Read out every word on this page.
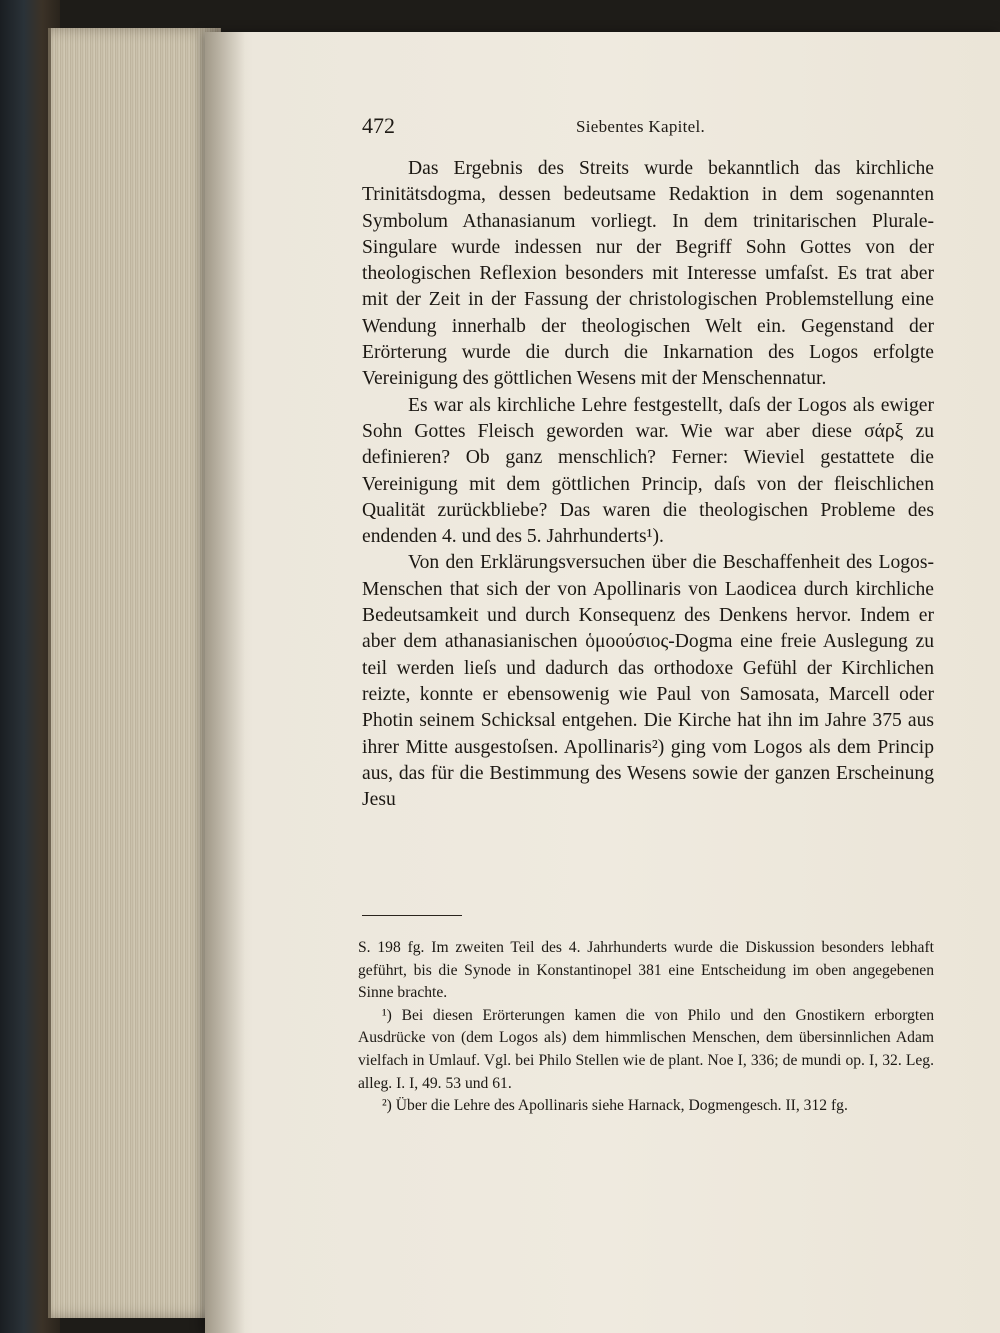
472	Siebentes Kapitel.

Das Ergebnis des Streits wurde bekanntlich das kirchliche Trinitätsdogma, dessen bedeutsame Redaktion in dem sogenannten Symbolum Athanasianum vorliegt. In dem trinitarischen Plurale-Singulare wurde indessen nur der Begriff Sohn Gottes von der theologischen Reflexion besonders mit Interesse umfaſst. Es trat aber mit der Zeit in der Fassung der christologischen Problemstellung eine Wendung innerhalb der theologischen Welt ein. Gegenstand der Erörterung wurde die durch die Inkarnation des Logos erfolgte Vereinigung des göttlichen Wesens mit der Menschennatur.

Es war als kirchliche Lehre festgestellt, daſs der Logos als ewiger Sohn Gottes Fleisch geworden war. Wie war aber diese σάρξ zu definieren? Ob ganz menschlich? Ferner: Wieviel gestattete die Vereinigung mit dem göttlichen Princip, daſs von der fleischlichen Qualität zurückbliebe? Das waren die theologischen Probleme des endenden 4. und des 5. Jahrhunderts¹).

Von den Erklärungsversuchen über die Beschaffenheit des Logos-Menschen that sich der von Apollinaris von Laodicea durch kirchliche Bedeutsamkeit und durch Konsequenz des Denkens hervor. Indem er aber dem athanasianischen ὁμοούσιος-Dogma eine freie Auslegung zu teil werden lieſs und dadurch das orthodoxe Gefühl der Kirchlichen reizte, konnte er ebensowenig wie Paul von Samosata, Marcell oder Photin seinem Schicksal entgehen. Die Kirche hat ihn im Jahre 375 aus ihrer Mitte ausgestoſsen. Apollinaris²) ging vom Logos als dem Princip aus, das für die Bestimmung des Wesens sowie der ganzen Erscheinung Jesu

S. 198 fg. Im zweiten Teil des 4. Jahrhunderts wurde die Diskussion besonders lebhaft geführt, bis die Synode in Konstantinopel 381 eine Entscheidung im oben angegebenen Sinne brachte.

¹) Bei diesen Erörterungen kamen die von Philo und den Gnostikern erborgten Ausdrücke von (dem Logos als) dem himmlischen Menschen, dem übersinnlichen Adam vielfach in Umlauf. Vgl. bei Philo Stellen wie de plant. Noe I, 336; de mundi op. I, 32. Leg. alleg. I. I, 49. 53 und 61.

²) Über die Lehre des Apollinaris siehe Harnack, Dogmengesch. II, 312 fg.
